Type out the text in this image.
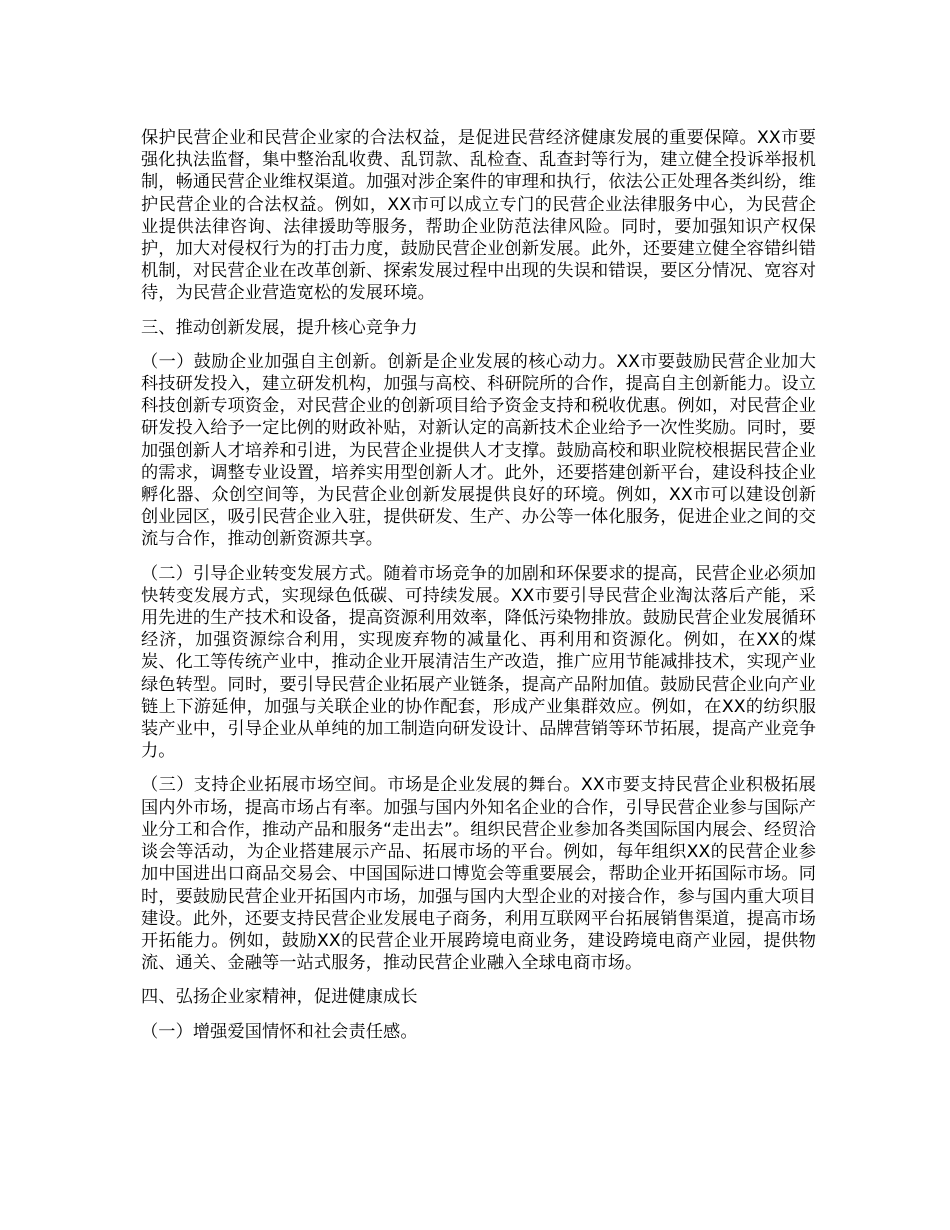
保护民营企业和民营企业家的合法权益，是促进民营经济健康发展的重要保障。XX市要强化执法监督，集中整治乱收费、乱罚款、乱检查、乱查封等行为，建立健全投诉举报机制，畅通民营企业维权渠道。加强对涉企案件的审理和执行，依法公正处理各类纠纷，维护民营企业的合法权益。例如，XX市可以成立专门的民营企业法律服务中心，为民营企业提供法律咨询、法律援助等服务，帮助企业防范法律风险。同时，要加强知识产权保护，加大对侵权行为的打击力度，鼓励民营企业创新发展。此外，还要建立健全容错纠错机制，对民营企业在改革创新、探索发展过程中出现的失误和错误，要区分情况、宽容对待，为民营企业营造宽松的发展环境。

三、推动创新发展，提升核心竞争力

（一）鼓励企业加强自主创新。创新是企业发展的核心动力。XX市要鼓励民营企业加大科技研发投入，建立研发机构，加强与高校、科研院所的合作，提高自主创新能力。设立科技创新专项资金，对民营企业的创新项目给予资金支持和税收优惠。例如，对民营企业研发投入给予一定比例的财政补贴，对新认定的高新技术企业给予一次性奖励。同时，要加强创新人才培养和引进，为民营企业提供人才支撑。鼓励高校和职业院校根据民营企业的需求，调整专业设置，培养实用型创新人才。此外，还要搭建创新平台，建设科技企业孵化器、众创空间等，为民营企业创新发展提供良好的环境。例如，XX市可以建设创新创业园区，吸引民营企业入驻，提供研发、生产、办公等一体化服务，促进企业之间的交流与合作，推动创新资源共享。

（二）引导企业转变发展方式。随着市场竞争的加剧和环保要求的提高，民营企业必须加快转变发展方式，实现绿色低碳、可持续发展。XX市要引导民营企业淘汰落后产能，采用先进的生产技术和设备，提高资源利用效率，降低污染物排放。鼓励民营企业发展循环经济，加强资源综合利用，实现废弃物的减量化、再利用和资源化。例如，在XX的煤炭、化工等传统产业中，推动企业开展清洁生产改造，推广应用节能减排技术，实现产业绿色转型。同时，要引导民营企业拓展产业链条，提高产品附加值。鼓励民营企业向产业链上下游延伸，加强与关联企业的协作配套，形成产业集群效应。例如，在XX的纺织服装产业中，引导企业从单纯的加工制造向研发设计、品牌营销等环节拓展，提高产业竞争力。

（三）支持企业拓展市场空间。市场是企业发展的舞台。XX市要支持民营企业积极拓展国内外市场，提高市场占有率。加强与国内外知名企业的合作，引导民营企业参与国际产业分工和合作，推动产品和服务“走出去”。组织民营企业参加各类国际国内展会、经贸洽谈会等活动，为企业搭建展示产品、拓展市场的平台。例如，每年组织XX的民营企业参加中国进出口商品交易会、中国国际进口博览会等重要展会，帮助企业开拓国际市场。同时，要鼓励民营企业开拓国内市场，加强与国内大型企业的对接合作，参与国内重大项目建设。此外，还要支持民营企业发展电子商务，利用互联网平台拓展销售渠道，提高市场开拓能力。例如，鼓励XX的民营企业开展跨境电商业务，建设跨境电商产业园，提供物流、通关、金融等一站式服务，推动民营企业融入全球电商市场。

四、弘扬企业家精神，促进健康成长

（一）增强爱国情怀和社会责任感。
